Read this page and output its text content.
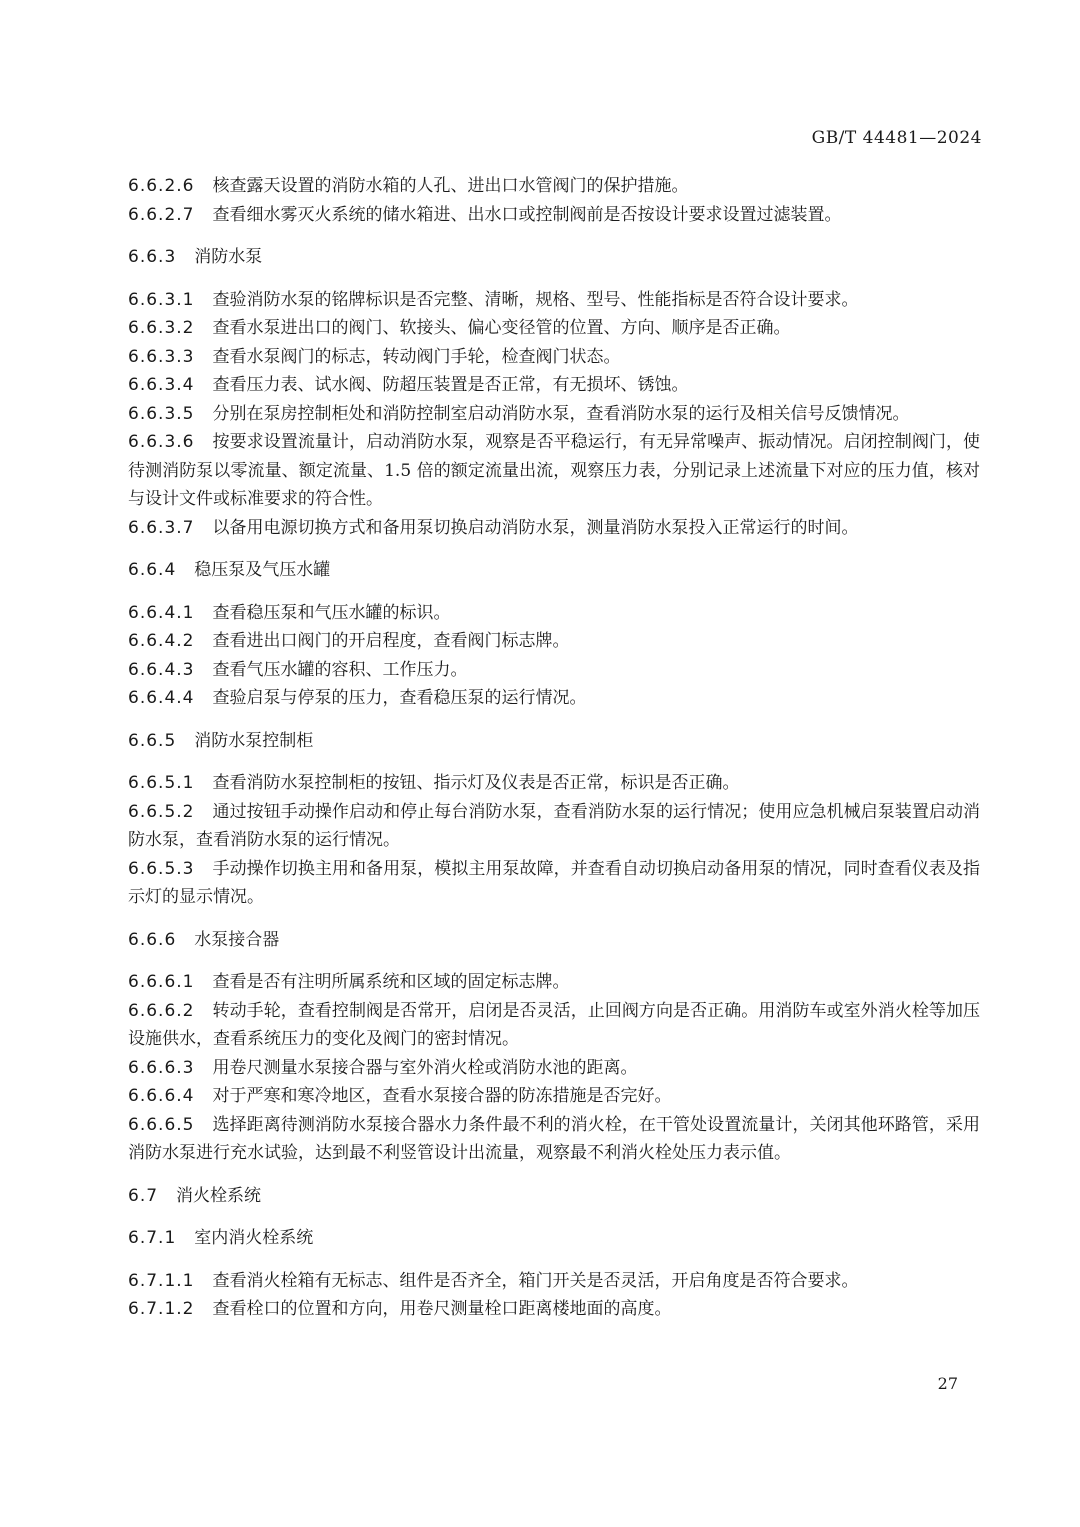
GB/T 44481—2024
6.6.2.6 核查露天设置的消防水箱的人孔、进出口水管阀门的保护措施。
6.6.2.7 查看细水雾灭火系统的储水箱进、出水口或控制阀前是否按设计要求设置过滤装置。
6.6.3 消防水泵
6.6.3.1 查验消防水泵的铭牌标识是否完整、清晰，规格、型号、性能指标是否符合设计要求。
6.6.3.2 查看水泵进出口的阀门、软接头、偏心变径管的位置、方向、顺序是否正确。
6.6.3.3 查看水泵阀门的标志，转动阀门手轮，检查阀门状态。
6.6.3.4 查看压力表、试水阀、防超压装置是否正常，有无损坏、锈蚀。
6.6.3.5 分别在泵房控制柜处和消防控制室启动消防水泵，查看消防水泵的运行及相关信号反馈情况。
6.6.3.6 按要求设置流量计，启动消防水泵，观察是否平稳运行，有无异常噪声、振动情况。启闭控制阀门，使待测消防泵以零流量、额定流量、1.5 倍的额定流量出流，观察压力表，分别记录上述流量下对应的压力值，核对与设计文件或标准要求的符合性。
6.6.3.7 以备用电源切换方式和备用泵切换启动消防水泵，测量消防水泵投入正常运行的时间。
6.6.4 稳压泵及气压水罐
6.6.4.1 查看稳压泵和气压水罐的标识。
6.6.4.2 查看进出口阀门的开启程度，查看阀门标志牌。
6.6.4.3 查看气压水罐的容积、工作压力。
6.6.4.4 查验启泵与停泵的压力，查看稳压泵的运行情况。
6.6.5 消防水泵控制柜
6.6.5.1 查看消防水泵控制柜的按钮、指示灯及仪表是否正常，标识是否正确。
6.6.5.2 通过按钮手动操作启动和停止每台消防水泵，查看消防水泵的运行情况；使用应急机械启泵装置启动消防水泵，查看消防水泵的运行情况。
6.6.5.3 手动操作切换主用和备用泵，模拟主用泵故障，并查看自动切换启动备用泵的情况，同时查看仪表及指示灯的显示情况。
6.6.6 水泵接合器
6.6.6.1 查看是否有注明所属系统和区域的固定标志牌。
6.6.6.2 转动手轮，查看控制阀是否常开，启闭是否灵活，止回阀方向是否正确。用消防车或室外消火栓等加压设施供水，查看系统压力的变化及阀门的密封情况。
6.6.6.3 用卷尺测量水泵接合器与室外消火栓或消防水池的距离。
6.6.6.4 对于严寒和寒冷地区，查看水泵接合器的防冻措施是否完好。
6.6.6.5 选择距离待测消防水泵接合器水力条件最不利的消火栓，在干管处设置流量计，关闭其他环路管，采用消防水泵进行充水试验，达到最不利竖管设计出流量，观察最不利消火栓处压力表示值。
6.7 消火栓系统
6.7.1 室内消火栓系统
6.7.1.1 查看消火栓箱有无标志、组件是否齐全，箱门开关是否灵活，开启角度是否符合要求。
6.7.1.2 查看栓口的位置和方向，用卷尺测量栓口距离楼地面的高度。
27
